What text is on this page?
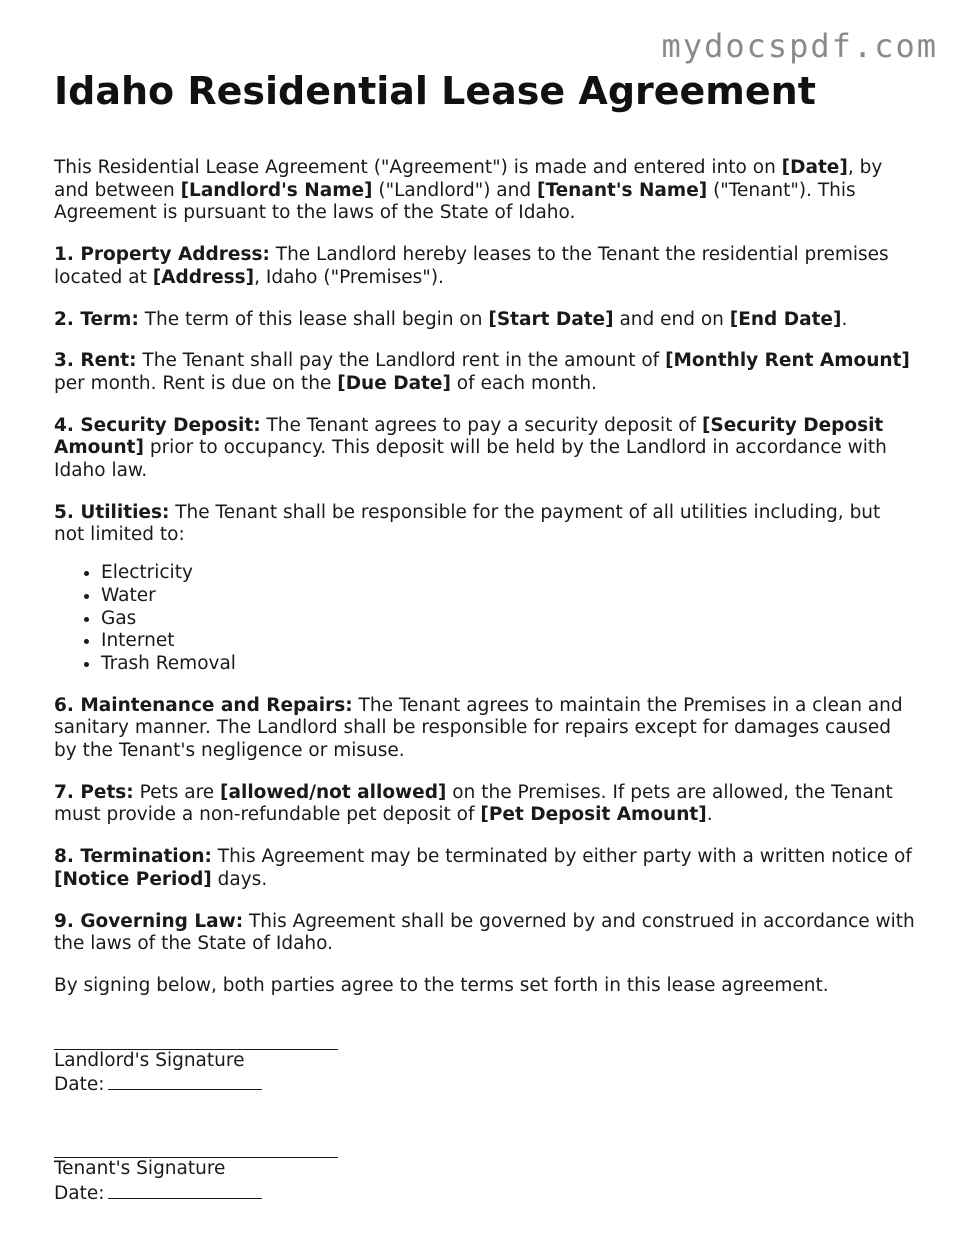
mydocspdf.com
Idaho Residential Lease Agreement

This Residential Lease Agreement ("Agreement") is made and entered into on [Date], by and between [Landlord's Name] ("Landlord") and [Tenant's Name] ("Tenant"). This Agreement is pursuant to the laws of the State of Idaho.

1. Property Address: The Landlord hereby leases to the Tenant the residential premises located at [Address], Idaho ("Premises").

2. Term: The term of this lease shall begin on [Start Date] and end on [End Date].

3. Rent: The Tenant shall pay the Landlord rent in the amount of [Monthly Rent Amount] per month. Rent is due on the [Due Date] of each month.

4. Security Deposit: The Tenant agrees to pay a security deposit of [Security Deposit Amount] prior to occupancy. This deposit will be held by the Landlord in accordance with Idaho law.

5. Utilities: The Tenant shall be responsible for the payment of all utilities including, but not limited to:

• Electricity
• Water
• Gas
• Internet
• Trash Removal

6. Maintenance and Repairs: The Tenant agrees to maintain the Premises in a clean and sanitary manner. The Landlord shall be responsible for repairs except for damages caused by the Tenant's negligence or misuse.

7. Pets: Pets are [allowed/not allowed] on the Premises. If pets are allowed, the Tenant must provide a non-refundable pet deposit of [Pet Deposit Amount].

8. Termination: This Agreement may be terminated by either party with a written notice of [Notice Period] days.

9. Governing Law: This Agreement shall be governed by and construed in accordance with the laws of the State of Idaho.

By signing below, both parties agree to the terms set forth in this lease agreement.

Landlord's Signature
Date:
Tenant's Signature
Date:
